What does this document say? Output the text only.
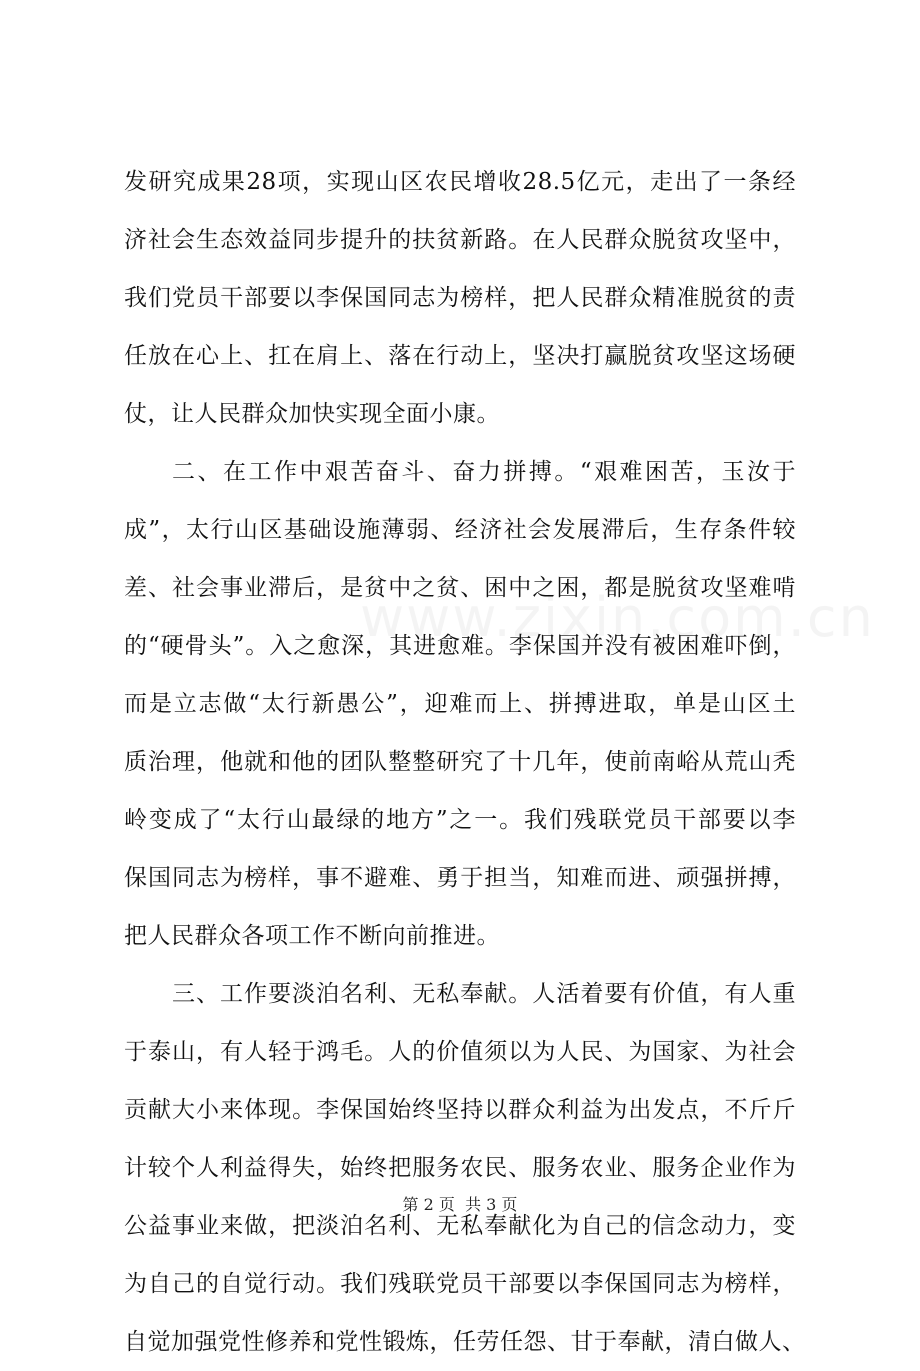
发研究成果28项，实现山区农民增收28.5亿元，走出了一条经
济社会生态效益同步提升的扶贫新路。在人民群众脱贫攻坚中，
我们党员干部要以李保国同志为榜样，把人民群众精准脱贫的责
任放在心上、扛在肩上、落在行动上，坚决打赢脱贫攻坚这场硬
仗，让人民群众加快实现全面小康。
二、在工作中艰苦奋斗、奋力拼搏。“艰难困苦，玉汝于
成”，太行山区基础设施薄弱、经济社会发展滞后，生存条件较
差、社会事业滞后，是贫中之贫、困中之困，都是脱贫攻坚难啃
的“硬骨头”。入之愈深，其进愈难。李保国并没有被困难吓倒，
而是立志做“太行新愚公”，迎难而上、拼搏进取，单是山区土
质治理，他就和他的团队整整研究了十几年，使前南峪从荒山秃
岭变成了“太行山最绿的地方”之一。我们残联党员干部要以李
保国同志为榜样，事不避难、勇于担当，知难而进、顽强拼搏，
把人民群众各项工作不断向前推进。
三、工作要淡泊名利、无私奉献。人活着要有价值，有人重
于泰山，有人轻于鸿毛。人的价值须以为人民、为国家、为社会
贡献大小来体现。李保国始终坚持以群众利益为出发点，不斤斤
计较个人利益得失，始终把服务农民、服务农业、服务企业作为
公益事业来做，把淡泊名利、无私奉献化为自己的信念动力，变
为自己的自觉行动。我们残联党员干部要以李保国同志为榜样，
自觉加强党性修养和党性锻炼，任劳任怨、甘于奉献，清白做人、
第 2 页  共 3 页
